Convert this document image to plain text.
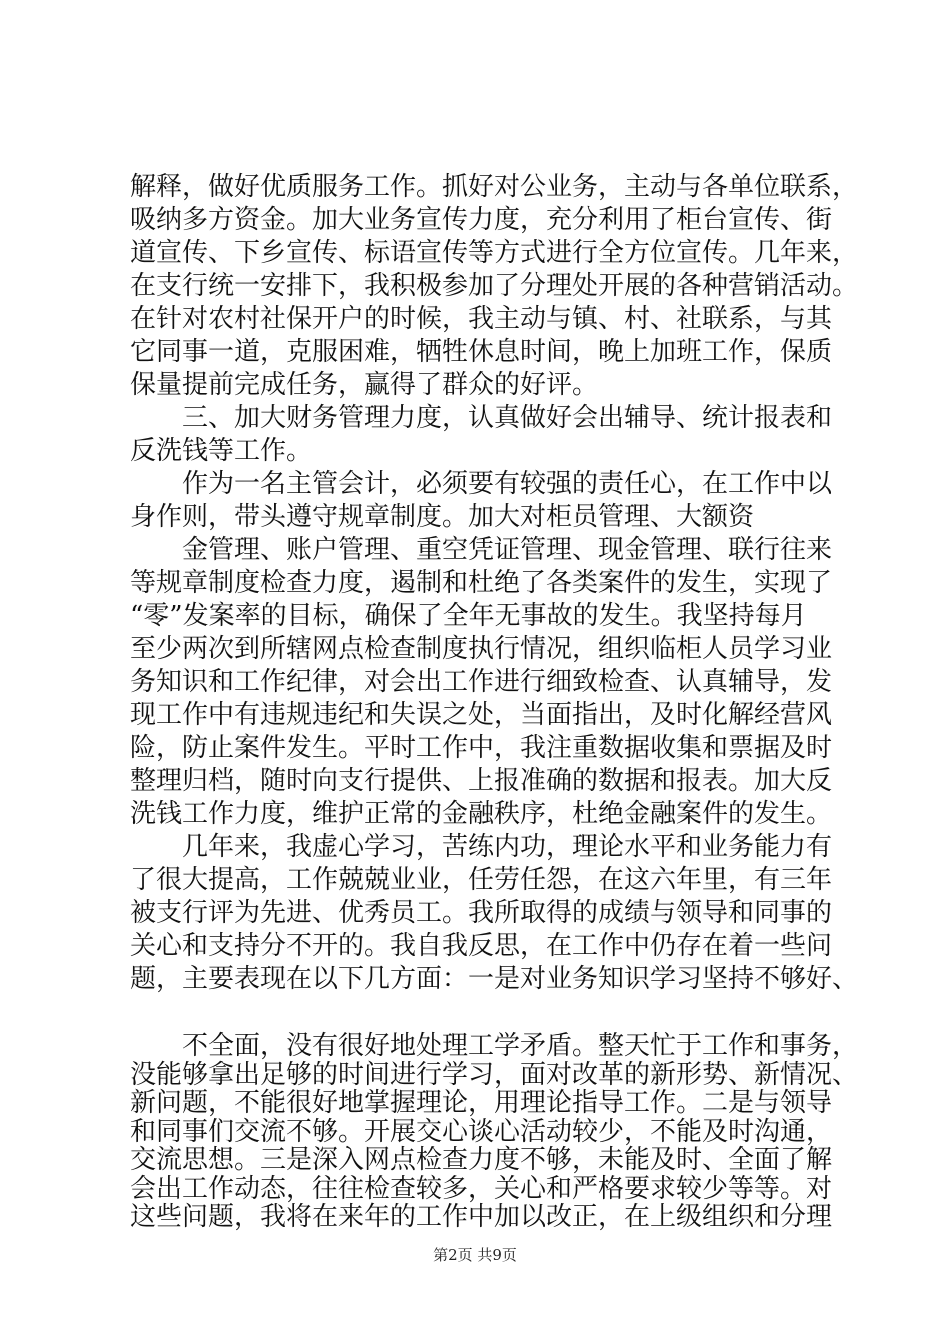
解释，做好优质服务工作。抓好对公业务，主动与各单位联系，
吸纳多方资金。加大业务宣传力度，充分利用了柜台宣传、街
道宣传、下乡宣传、标语宣传等方式进行全方位宣传。几年来，
在支行统一安排下，我积极参加了分理处开展的各种营销活动。
在针对农村社保开户的时候，我主动与镇、村、社联系，与其
它同事一道，克服困难，牺牲休息时间，晚上加班工作，保质
保量提前完成任务，赢得了群众的好评。
　　三、加大财务管理力度，认真做好会出辅导、统计报表和
反洗钱等工作。
　　作为一名主管会计，必须要有较强的责任心，在工作中以
身作则，带头遵守规章制度。加大对柜员管理、大额资
　　金管理、账户管理、重空凭证管理、现金管理、联行往来
等规章制度检查力度，遏制和杜绝了各类案件的发生，实现了
“零”发案率的目标，确保了全年无事故的发生。我坚持每月
至少两次到所辖网点检查制度执行情况，组织临柜人员学习业
务知识和工作纪律，对会出工作进行细致检查、认真辅导，发
现工作中有违规违纪和失误之处，当面指出，及时化解经营风
险，防止案件发生。平时工作中，我注重数据收集和票据及时
整理归档，随时向支行提供、上报准确的数据和报表。加大反
洗钱工作力度，维护正常的金融秩序，杜绝金融案件的发生。
　　几年来，我虚心学习，苦练内功，理论水平和业务能力有
了很大提高，工作兢兢业业，任劳任怨，在这六年里，有三年
被支行评为先进、优秀员工。我所取得的成绩与领导和同事的
关心和支持分不开的。我自我反思，在工作中仍存在着一些问
题，主要表现在以下几方面：一是对业务知识学习坚持不够好、
　　不全面，没有很好地处理工学矛盾。整天忙于工作和事务，
没能够拿出足够的时间进行学习，面对改革的新形势、新情况、
新问题，不能很好地掌握理论，用理论指导工作。二是与领导
和同事们交流不够。开展交心谈心活动较少，不能及时沟通，
交流思想。三是深入网点检查力度不够，未能及时、全面了解
会出工作动态，往往检查较多，关心和严格要求较少等等。对
这些问题，我将在来年的工作中加以改正，在上级组织和分理
第2页 共9页
